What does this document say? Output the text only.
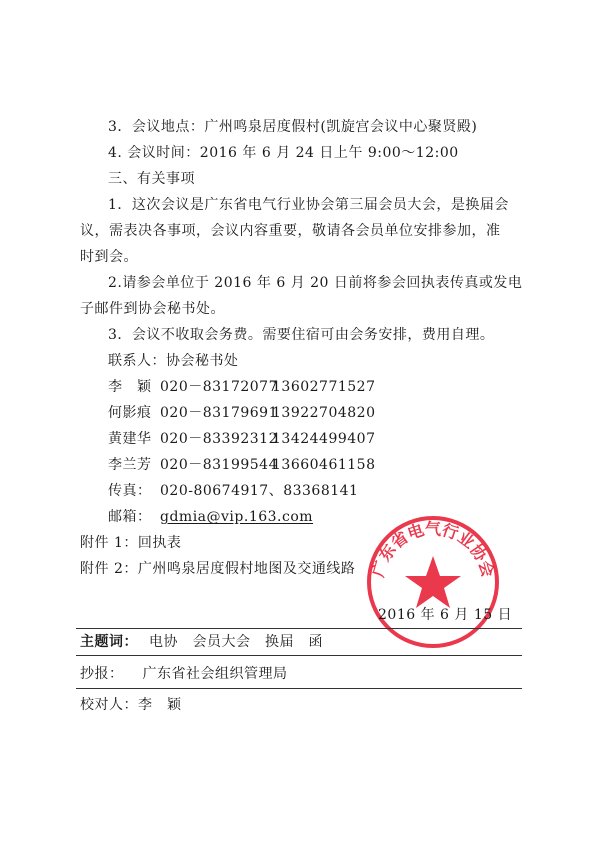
3．会议地点：广州鸣泉居度假村(凯旋宫会议中心聚贤殿)
4. 会议时间：2016 年 6 月 24 日上午 9:00～12:00
三、有关事项
1．这次会议是广东省电气行业协会第三届会员大会，是换届会
议，需表决各事项，会议内容重要，敬请各会员单位安排参加，准
时到会。
2.请参会单位于 2016 年 6 月 20 日前将参会回执表传真或发电
子邮件到协会秘书处。
3．会议不收取会务费。需要住宿可由会务安排，费用自理。
联系人：协会秘书处
李　颖 020－8317207713602771527
何影痕 020－8317969113922704820
黄建华 020－8339231213424499407
李兰芳 020－8319954413660461158
传真： 020-80674917、83368141
邮箱： gdmia@vip.163.com
附件 1：回执表
附件 2：广州鸣泉居度假村地图及交通线路 广东省电气行业协会
2016 年 6 月 15 日
主题词： 电协　会员大会　换届　函
抄报： 广东省社会组织管理局
校对人：李　颖
